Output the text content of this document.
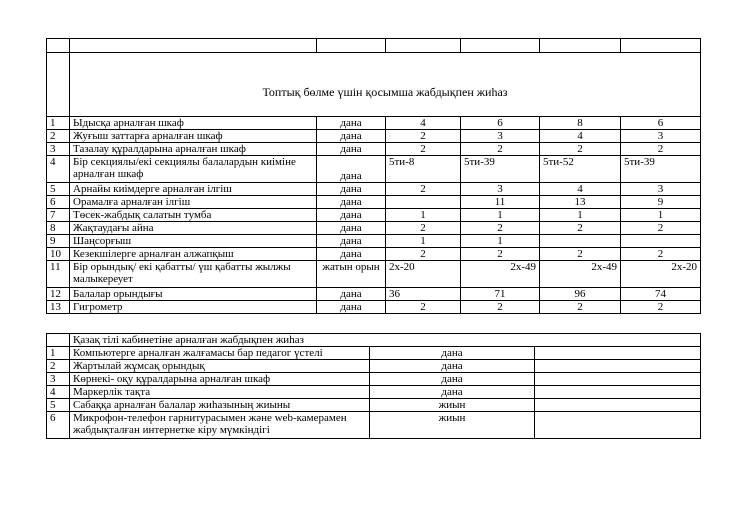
	Топтық бөлме үшін қосымша жабдықпен жиһаз					
1	Ыдысқа арналған шкаф	дана	4	6	8	6
2	Жуғыш заттарға арналған шкаф	дана	2	3	4	3
3	Тазалау құралдарына арналған шкаф	дана	2	2	2	2
4	Бір секциялы/екі секциялы балалардын киіміне арналған шкаф	дана	5ти-8	5ти-39	5ти-52	5ти-39
5	Арнайы киімдерге арналған ілгіш	дана	2	3	4	3
6	Орамалға арналған ілгіш	дана		11	13	9
7	Төсек-жабдық салатын тумба	дана	1	1	1	1
8	Жақтаудағы айна	дана	2	2	2	2
9	Шаңсорғыш	дана	1	1		
10	Кезекшілерге арналған алжапқыш	дана	2	2	2	2
11	Бір орындық/ екі қабатты/ үш қабатты жылжы малыкереует	жатын орын	2х-20	2х-49	2х-49	2х-20
12	Балалар орындығы	дана	36	71	96	74
13	Гигрометр	дана	2	2	2	2
	Қазақ тілі кабинетіне арналған жабдықпен жиһаз		
1	Компьютерге арналған жалғамасы бар педагог үстелі	дана	
2	Жартылай жұмсақ орындық	дана	
3	Көрнекі- оқу құралдарына арналған шкаф	дана	
4	Маркерлік тақта	дана	
5	Сабаққа арналған балалар жиһазының жиыны	жиын	
6	Микрофон-телефон гарнитурасымен және web-камерамен жабдықталған интернетке кіру мүмкіндігі	жиын	
